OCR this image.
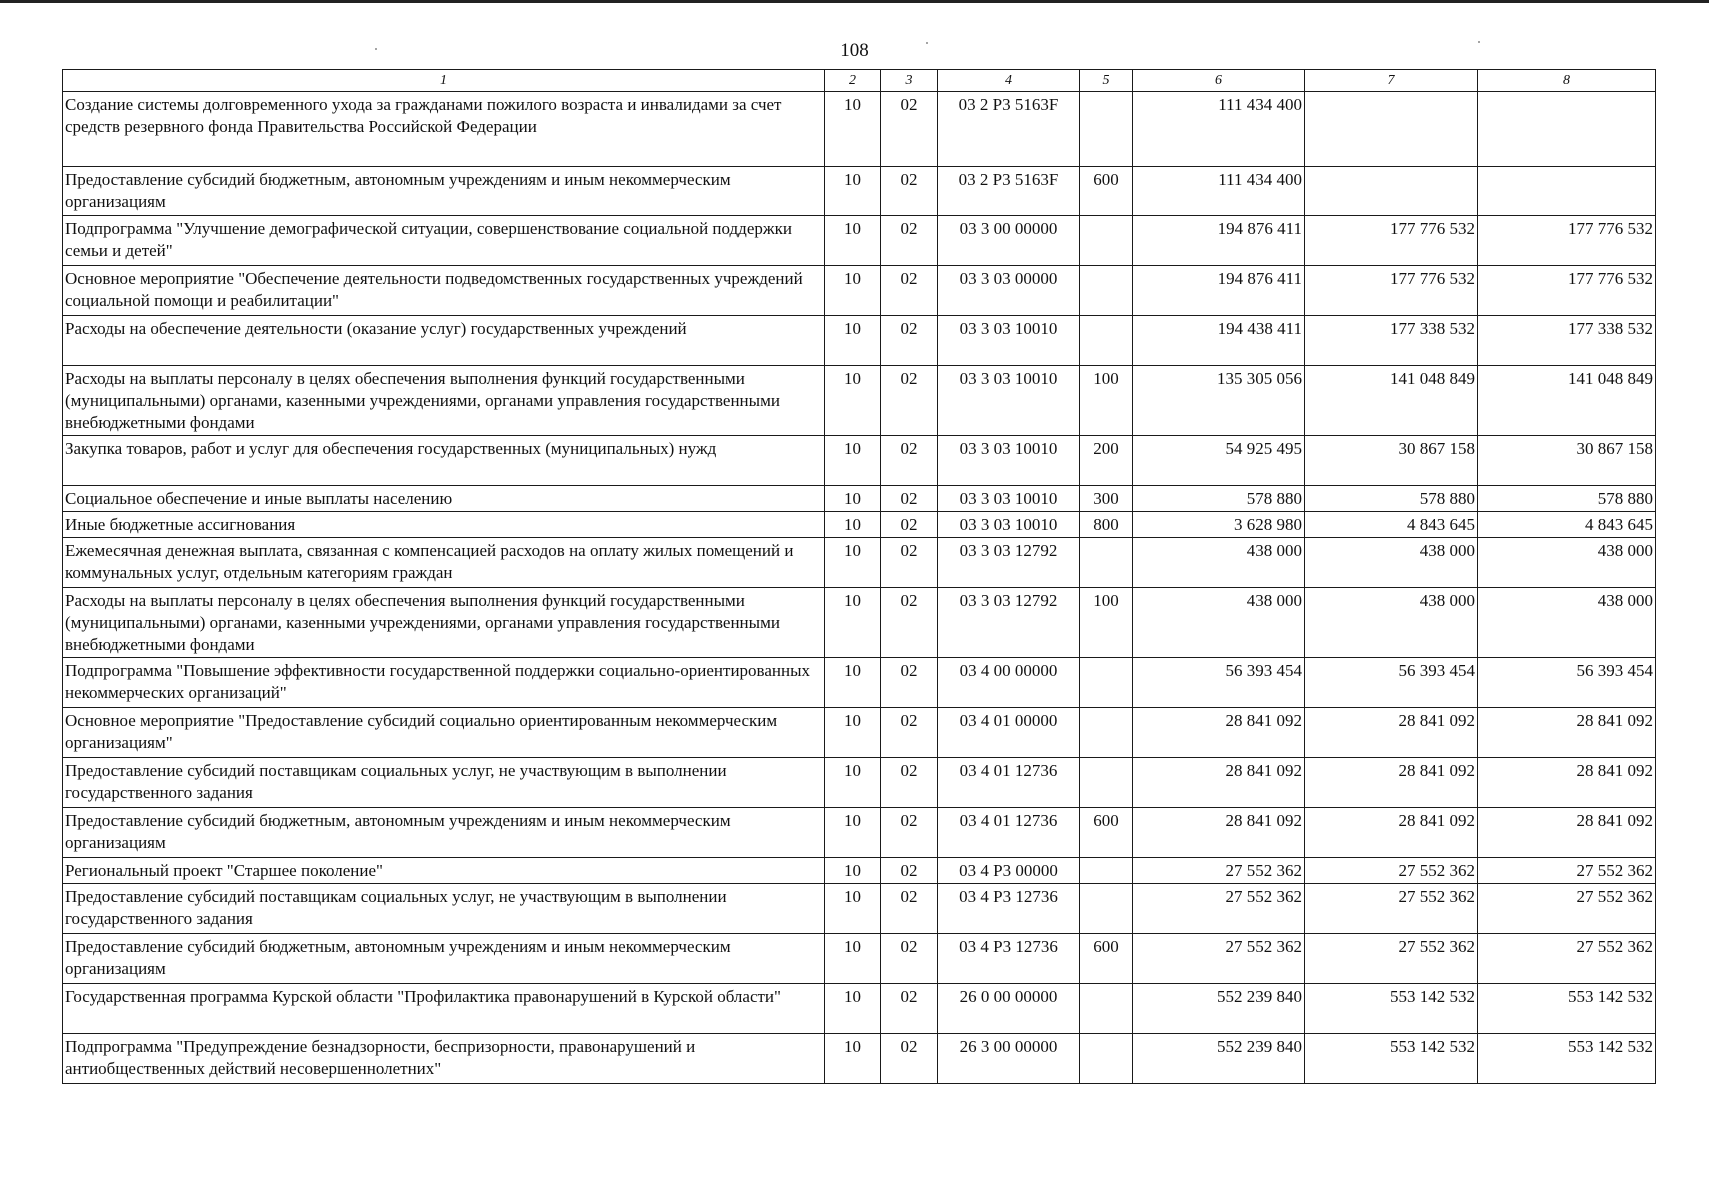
108
1	2	3	4	5	6	7	8
Создание системы долговременного ухода за гражданами пожилого возраста и инвалидами за счет средств резервного фонда Правительства Российской Федерации	10	02	03 2 Р3 5163F		111 434 400		
Предоставление субсидий бюджетным, автономным учреждениям и иным некоммерческим организациям	10	02	03 2 Р3 5163F	600	111 434 400		
Подпрограмма "Улучшение демографической ситуации, совершенствование социальной поддержки семьи и детей"	10	02	03 3 00 00000		194 876 411	177 776 532	177 776 532
Основное мероприятие "Обеспечение деятельности подведомственных государственных учреждений социальной помощи и реабилитации"	10	02	03 3 03 00000		194 876 411	177 776 532	177 776 532
Расходы на обеспечение деятельности (оказание услуг) государственных учреждений	10	02	03 3 03 10010		194 438 411	177 338 532	177 338 532
Расходы на выплаты персоналу в целях обеспечения выполнения функций государственными (муниципальными) органами, казенными учреждениями, органами управления государственными внебюджетными фондами	10	02	03 3 03 10010	100	135 305 056	141 048 849	141 048 849
Закупка товаров, работ и услуг для обеспечения государственных (муниципальных) нужд	10	02	03 3 03 10010	200	54 925 495	30 867 158	30 867 158
Социальное обеспечение и иные выплаты населению	10	02	03 3 03 10010	300	578 880	578 880	578 880
Иные бюджетные ассигнования	10	02	03 3 03 10010	800	3 628 980	4 843 645	4 843 645
Ежемесячная денежная выплата, связанная с компенсацией расходов на оплату жилых помещений и коммунальных услуг, отдельным категориям граждан	10	02	03 3 03 12792		438 000	438 000	438 000
Расходы на выплаты персоналу в целях обеспечения выполнения функций государственными (муниципальными) органами, казенными учреждениями, органами управления государственными внебюджетными фондами	10	02	03 3 03 12792	100	438 000	438 000	438 000
Подпрограмма "Повышение эффективности государственной поддержки социально-ориентированных некоммерческих организаций"	10	02	03 4 00 00000		56 393 454	56 393 454	56 393 454
Основное мероприятие "Предоставление субсидий социально ориентированным некоммерческим организациям"	10	02	03 4 01 00000		28 841 092	28 841 092	28 841 092
Предоставление субсидий поставщикам социальных услуг, не участвующим в выполнении государственного задания	10	02	03 4 01 12736		28 841 092	28 841 092	28 841 092
Предоставление субсидий бюджетным, автономным учреждениям и иным некоммерческим организациям	10	02	03 4 01 12736	600	28 841 092	28 841 092	28 841 092
Региональный проект "Старшее поколение"	10	02	03 4 Р3 00000		27 552 362	27 552 362	27 552 362
Предоставление субсидий поставщикам социальных услуг, не участвующим в выполнении государственного задания	10	02	03 4 Р3 12736		27 552 362	27 552 362	27 552 362
Предоставление субсидий бюджетным, автономным учреждениям и иным некоммерческим организациям	10	02	03 4 Р3 12736	600	27 552 362	27 552 362	27 552 362
Государственная программа Курской области "Профилактика правонарушений в Курской области"	10	02	26 0 00 00000		552 239 840	553 142 532	553 142 532
Подпрограмма "Предупреждение безнадзорности, беспризорности, правонарушений и антиобщественных действий несовершеннолетних"	10	02	26 3 00 00000		552 239 840	553 142 532	553 142 532
